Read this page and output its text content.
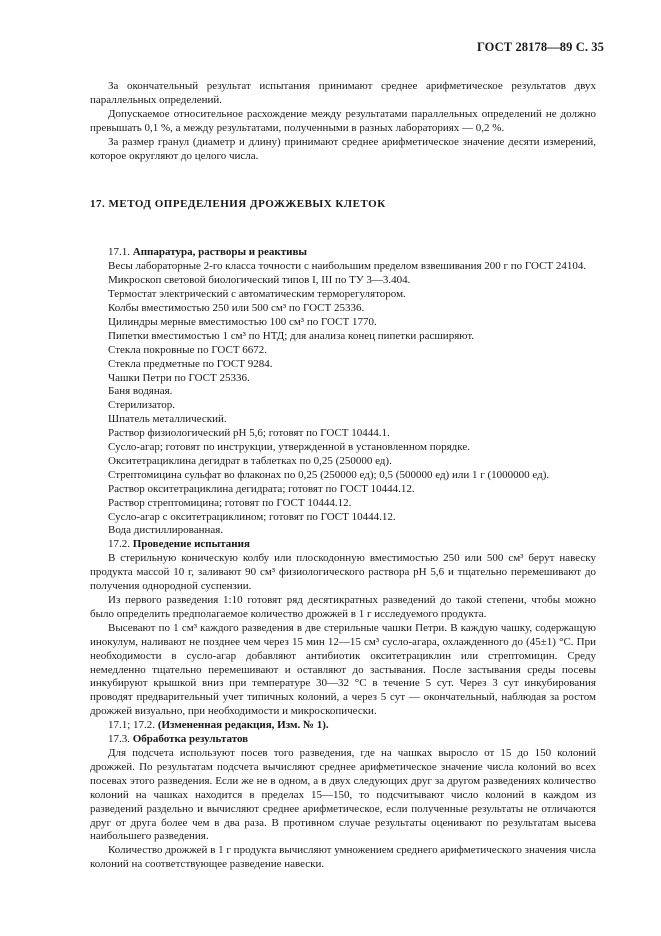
ГОСТ 28178—89 С. 35

За окончательный результат испытания принимают среднее арифметическое результатов двух параллельных определений.

Допускаемое относительное расхождение между результатами параллельных определений не должно превышать 0,1 %, а между результатами, полученными в разных лабораториях — 0,2 %.

За размер гранул (диаметр и длину) принимают среднее арифметическое значение десяти измерений, которое округляют до целого числа.

17. МЕТОД ОПРЕДЕЛЕНИЯ ДРОЖЖЕВЫХ КЛЕТОК

17.1. Аппаратура, растворы и реактивы

Весы лабораторные 2-го класса точности с наибольшим пределом взвешивания 200 г по ГОСТ 24104.

Микроскоп световой биологический типов I, III по ТУ 3—3.404.

Термостат электрический с автоматическим терморегулятором.

Колбы вместимостью 250 или 500 см³ по ГОСТ 25336.

Цилиндры мерные вместимостью 100 см³ по ГОСТ 1770.

Пипетки вместимостью 1 см³ по НТД; для анализа конец пипетки расширяют.

Стекла покровные по ГОСТ 6672.

Стекла предметные по ГОСТ 9284.

Чашки Петри по ГОСТ 25336.

Баня водяная.

Стерилизатор.

Шпатель металлический.

Раствор физиологический рН 5,6; готовят по ГОСТ 10444.1.

Сусло-агар; готовят по инструкции, утвержденной в установленном порядке.

Окситетрациклина дегидрат в таблетках по 0,25 (250000 ед).

Стрептомицина сульфат во флаконах по 0,25 (250000 ед); 0,5 (500000 ед) или 1 г (1000000 ед).

Раствор окситетрациклина дегидрата; готовят по ГОСТ 10444.12.

Раствор стрептомицина; готовят по ГОСТ 10444.12.

Сусло-агар с окситетрациклином; готовят по ГОСТ 10444.12.

Вода дистиллированная.

17.2. Проведение испытания

В стерильную коническую колбу или плоскодонную вместимостью 250 или 500 см³ берут навеску продукта массой 10 г, заливают 90 см³ физиологического раствора рН 5,6 и тщательно перемешивают до получения однородной суспензии.

Из первого разведения 1:10 готовят ряд десятикратных разведений до такой степени, чтобы можно было определить предполагаемое количество дрожжей в 1 г исследуемого продукта.

Высевают по 1 см³ каждого разведения в две стерильные чашки Петри. В каждую чашку, содержащую инокулум, наливают не позднее чем через 15 мин 12—15 см³ сусло-агара, охлажденного до (45±1) °С. При необходимости в сусло-агар добавляют антибиотик окситетрациклин или стрептомицин. Среду немедленно тщательно перемешивают и оставляют до застывания. После застывания среды посевы инкубируют крышкой вниз при температуре 30—32 °С в течение 5 сут. Через 3 сут инкубирования проводят предварительный учет типичных колоний, а через 5 сут — окончательный, наблюдая за ростом дрожжей визуально, при необходимости и микроскопически.

17.1; 17.2. (Измененная редакция, Изм. № 1).

17.3. Обработка результатов

Для подсчета используют посев того разведения, где на чашках выросло от 15 до 150 колоний дрожжей. По результатам подсчета вычисляют среднее арифметическое значение числа колоний во всех посевах этого разведения. Если же не в одном, а в двух следующих друг за другом разведениях количество колоний на чашках находится в пределах 15—150, то подсчитывают число колоний в каждом из разведений раздельно и вычисляют среднее арифметическое, если полученные результаты не отличаются друг от друга более чем в два раза. В противном случае результаты оценивают по результатам высева наибольшего разведения.

Количество дрожжей в 1 г продукта вычисляют умножением среднего арифметического значения числа колоний на соответствующее разведение навески.
